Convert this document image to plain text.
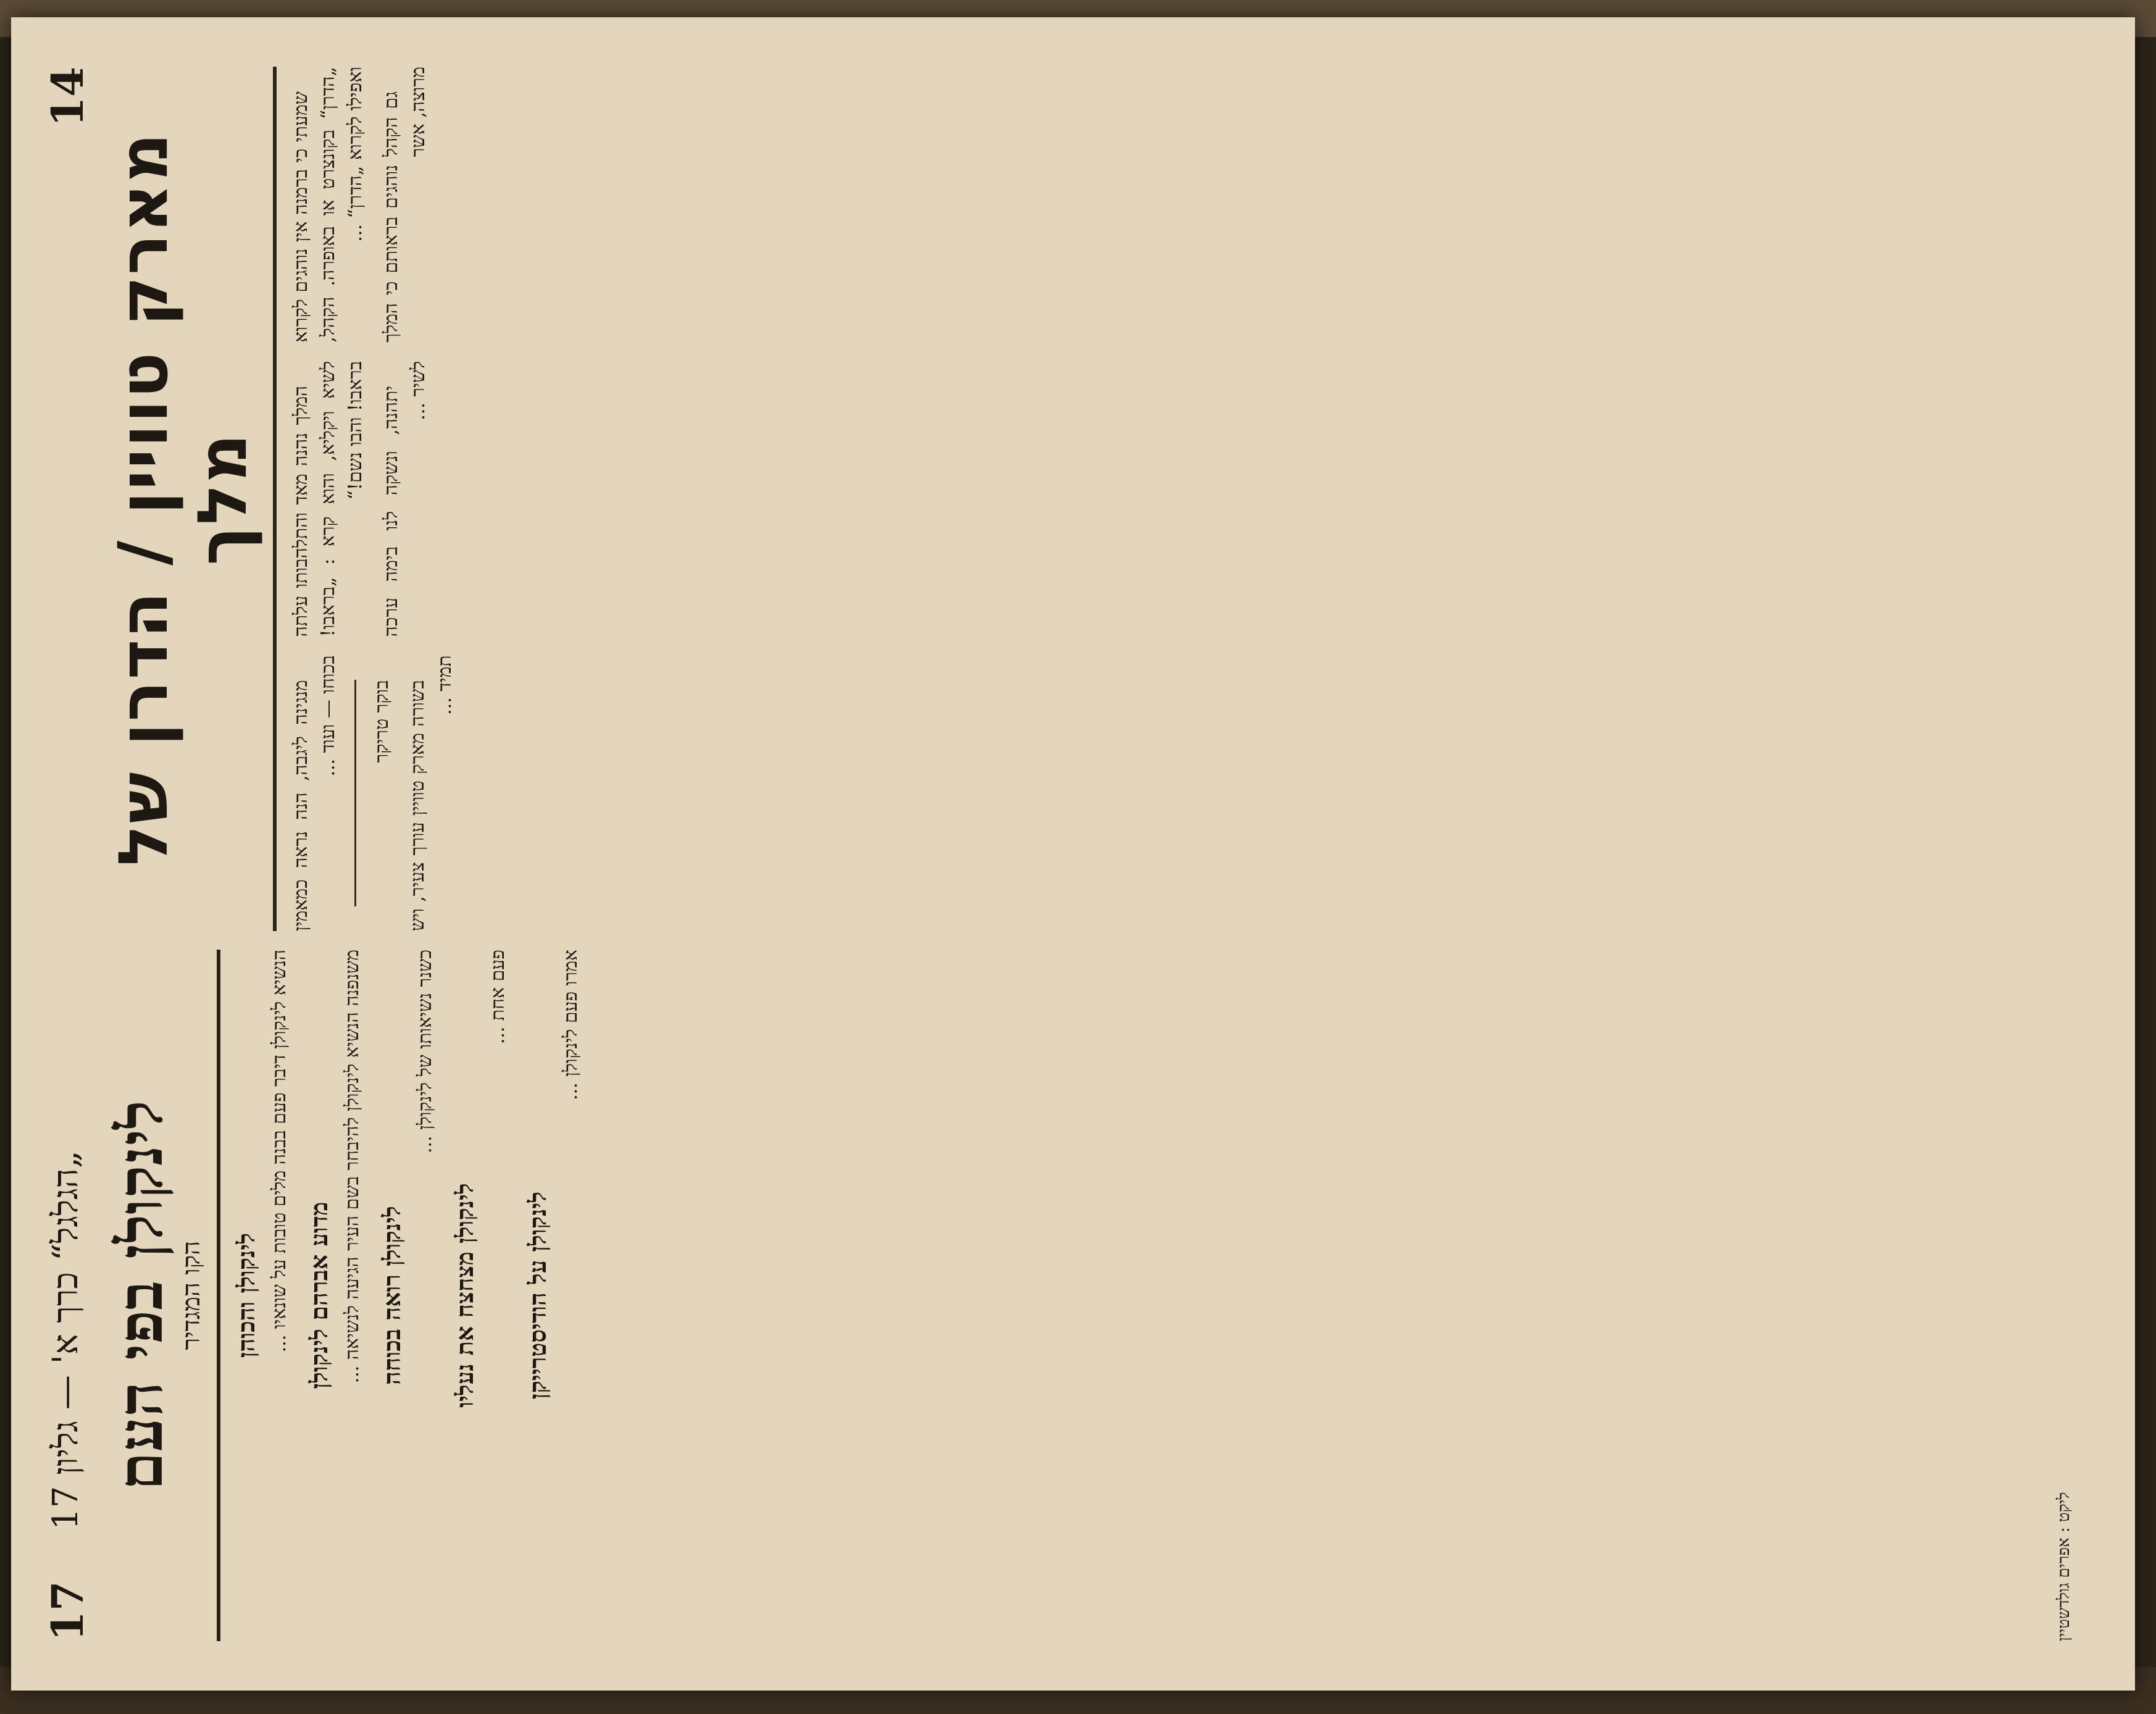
14
17
„הגלגל“ כרך א' — גליון 17
מארק טוויין / הדרן של מלך

שמעתי כי ברמנה אין נוהגים לקרוא „הדרן“ בקונצרט או באופרה. הקהל, ואפילו לקרוא „הדרן“ ... גם הקהל נוהגים בראותם כי המלך מרוצה, אשר

המלך נהנה מאד והתלהבותו עלתה לשיא ויקליא, והוא קרא : „בראבו! בראבו! והבו נשם!“ יתהנה, ונשקה לנו בימה ערכה לשיר ...

מנגינה ליגבה, הנה נראה כמאמין בכוחו — ועוד ... בוקר טריקר בשורה מארק טוויין עורך צעיר, ויש תמיד ...

לינקולן בפי העם הקו המגדיר לינקולן והכוהן הנשיא לינקולן דיבר פעם בבנה מלים טובות על שונאיו ... מדוע אברהם לינקולן משנפנה הנשיא לינקולן להיבחר בשם העיר הגיעה לנשיאה ... לינקולן רואה בכוחה
כשנר נשיאותו של לינקולן ...
לינקולן מצחצח את נעליו
פעם אחת ...
לינקולן על הודיסטרייקן
אמרו פעם לינקולן ...
ליקט : אפרים גולדשטיין
